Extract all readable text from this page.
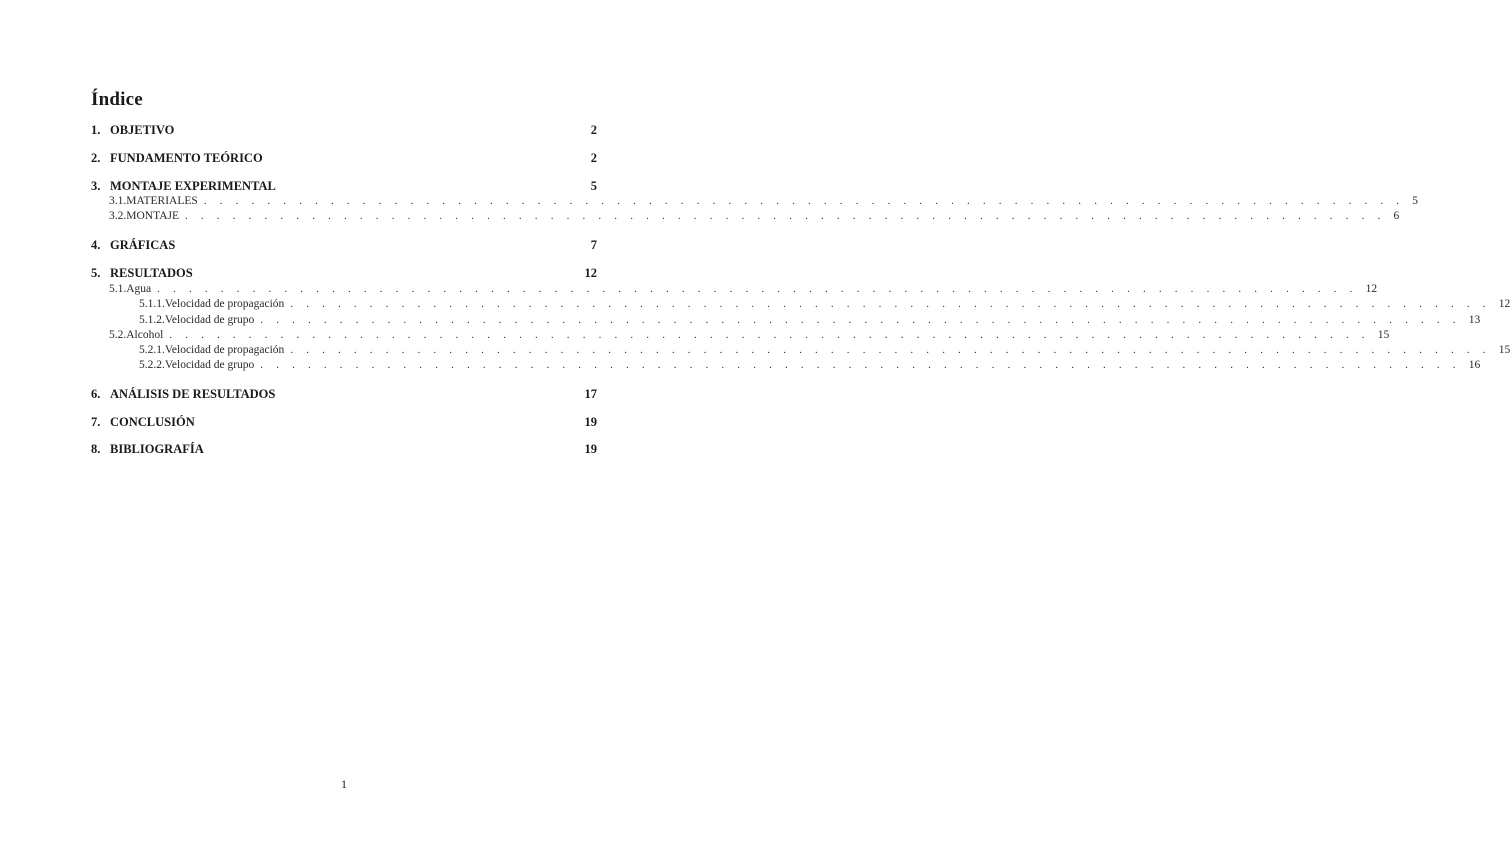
Índice
1. OBJETIVO	2
2. FUNDAMENTO TEÓRICO	2
3. MONTAJE EXPERIMENTAL	5
3.1. MATERIALES . . . . . . . . . . . . . . . . . . . . . . . . . . . . . . . . . . . . . . . . . . . . . . . . . . . . . . . . . . . . . . . . . . . . . . . . . . . . 5
3.2. MONTAJE . . . . . . . . . . . . . . . . . . . . . . . . . . . . . . . . . . . . . . . . . . . . . . . . . . . . . . . . . . . . . . . . . . . . . . . . . . . . 6
4. GRÁFICAS	7
5. RESULTADOS	12
5.1. Agua . . . . . . . . . . . . . . . . . . . . . . . . . . . . . . . . . . . . . . . . . . . . . . . . . . . . . . . . . . . . . . . . . . . . . . . . . . . . 12
5.1.1. Velocidad de propagación . . . . . . . . . . . . . . . . . . . . . . . . . . . . . . . . . . . . . . . . . . . . . . . . . . . . . . . . . . . . . . . . . . . . . . . . . . . . 12
5.1.2. Velocidad de grupo . . . . . . . . . . . . . . . . . . . . . . . . . . . . . . . . . . . . . . . . . . . . . . . . . . . . . . . . . . . . . . . . . . . . . . . . . . . . 13
5.2. Alcohol . . . . . . . . . . . . . . . . . . . . . . . . . . . . . . . . . . . . . . . . . . . . . . . . . . . . . . . . . . . . . . . . . . . . . . . . . . . . 15
5.2.1. Velocidad de propagación . . . . . . . . . . . . . . . . . . . . . . . . . . . . . . . . . . . . . . . . . . . . . . . . . . . . . . . . . . . . . . . . . . . . . . . . . . . . 15
5.2.2. Velocidad de grupo . . . . . . . . . . . . . . . . . . . . . . . . . . . . . . . . . . . . . . . . . . . . . . . . . . . . . . . . . . . . . . . . . . . . . . . . . . . . 16
6. ANÁLISIS DE RESULTADOS	17
7. CONCLUSIÓN	19
8. BIBLIOGRAFÍA	19
1
